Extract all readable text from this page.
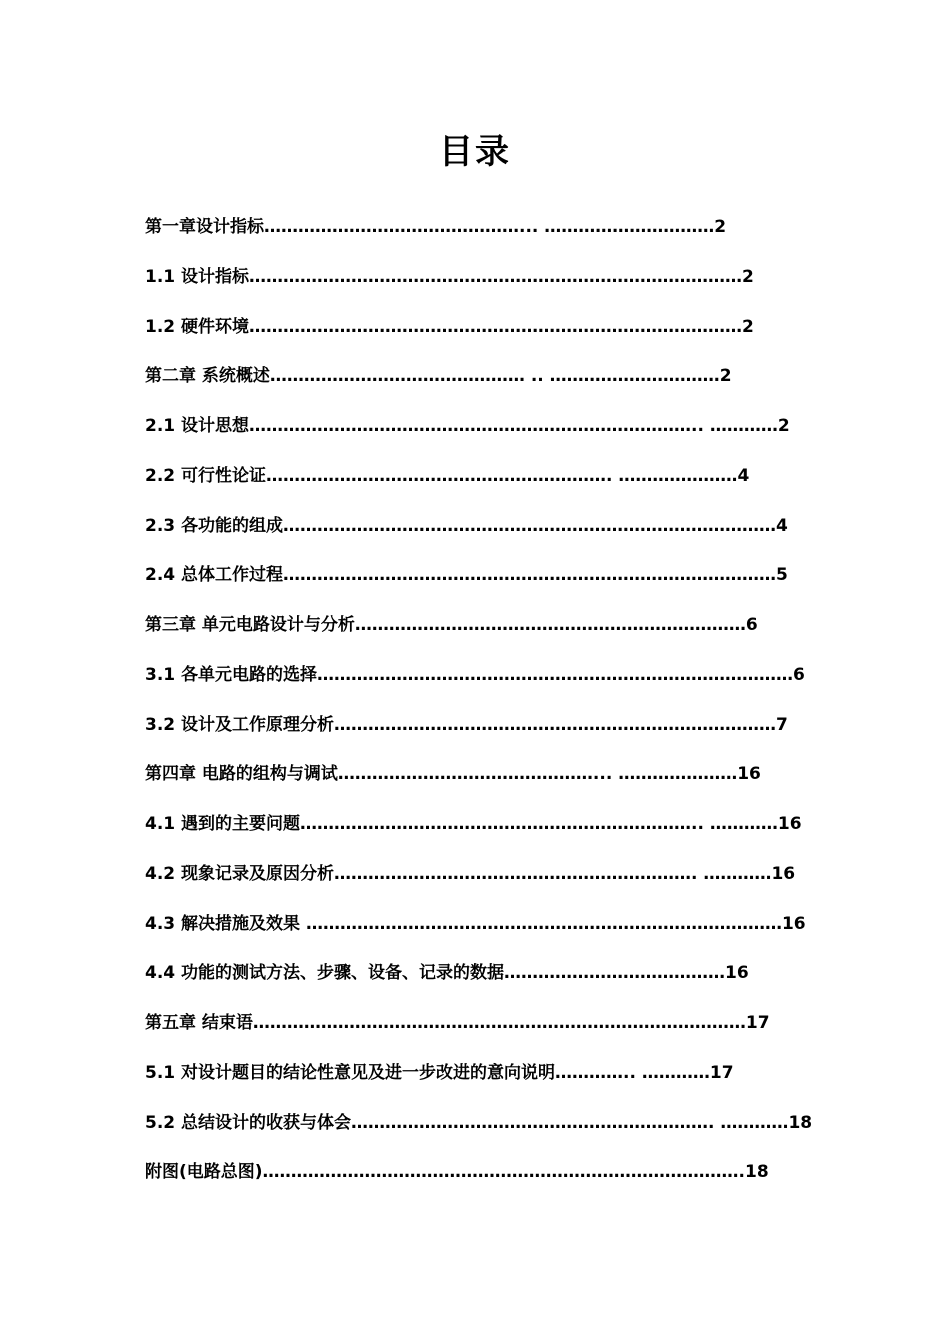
目录
第一章设计指标………………………………………... …………………………2
1.1 设计指标……………………………………………………………………………2
1.2 硬件环境……………………………………………………………………………2
第二章 系统概述……………………………………… .. …………………………2
2.1 设计思想…………………………………………………………………….. …………2
2.2 可行性论证……………………………………………………. …………………4
2.3 各功能的组成……………………………………………………………………………4
2.4 总体工作过程……………………………………………………………………………5
第三章 单元电路设计与分析……………………………………………………………6
3.1 各单元电路的选择…………………………………………………………………………6
3.2 设计及工作原理分析……………………………………………………………………7
第四章 电路的组构与调试………………………………………... …………………16
4.1 遇到的主要问题…………………………………………………………….. …………16
4.2 现象记录及原因分析………………………………………………………. …………16
4.3 解决措施及效果 …………………………………………………………………………16
4.4 功能的测试方法、步骤、设备、记录的数据…………………………………16
第五章 结束语……………………………………………………………………………17
5.1 对设计题目的结论性意见及进一步改进的意向说明………….. …………17
5.2 总结设计的收获与体会………………………………………………………. …………18
附图(电路总图)………………………………………………………………………….18
